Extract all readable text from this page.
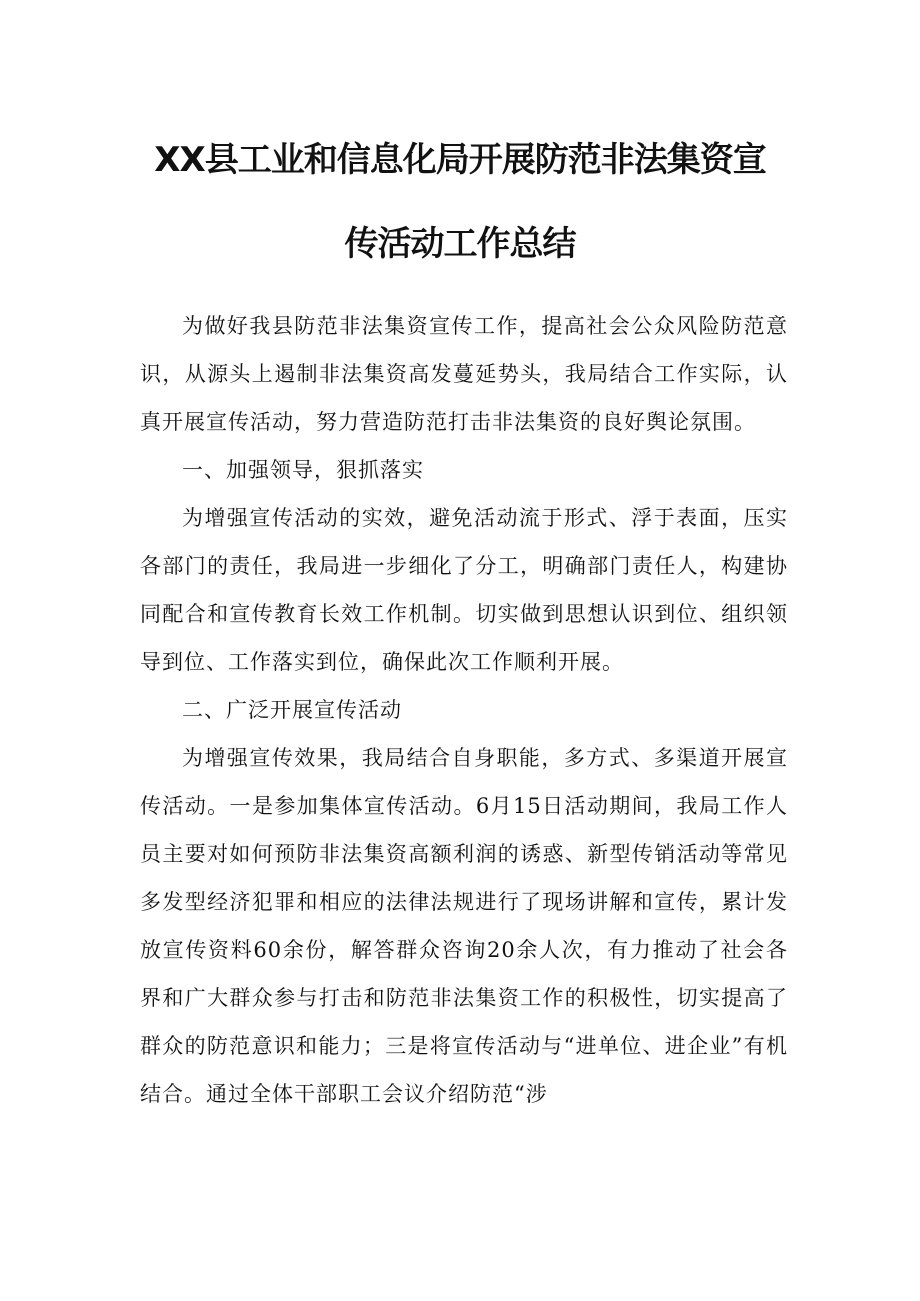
XX县工业和信息化局开展防范非法集资宣
传活动工作总结

为做好我县防范非法集资宣传工作，提高社会公众风险防范意识，从源头上遏制非法集资高发蔓延势头，我局结合工作实际，认真开展宣传活动，努力营造防范打击非法集资的良好舆论氛围。

一、加强领导，狠抓落实

为增强宣传活动的实效，避免活动流于形式、浮于表面，压实各部门的责任，我局进一步细化了分工，明确部门责任人，构建协同配合和宣传教育长效工作机制。切实做到思想认识到位、组织领导到位、工作落实到位，确保此次工作顺利开展。

二、广泛开展宣传活动

为增强宣传效果，我局结合自身职能，多方式、多渠道开展宣传活动。一是参加集体宣传活动。6月15日活动期间，我局工作人员主要对如何预防非法集资高额利润的诱惑、新型传销活动等常见多发型经济犯罪和相应的法律法规进行了现场讲解和宣传，累计发放宣传资料60余份，解答群众咨询20余人次，有力推动了社会各界和广大群众参与打击和防范非法集资工作的积极性，切实提高了群众的防范意识和能力；三是将宣传活动与“进单位、进企业”有机结合。通过全体干部职工会议介绍防范“涉
